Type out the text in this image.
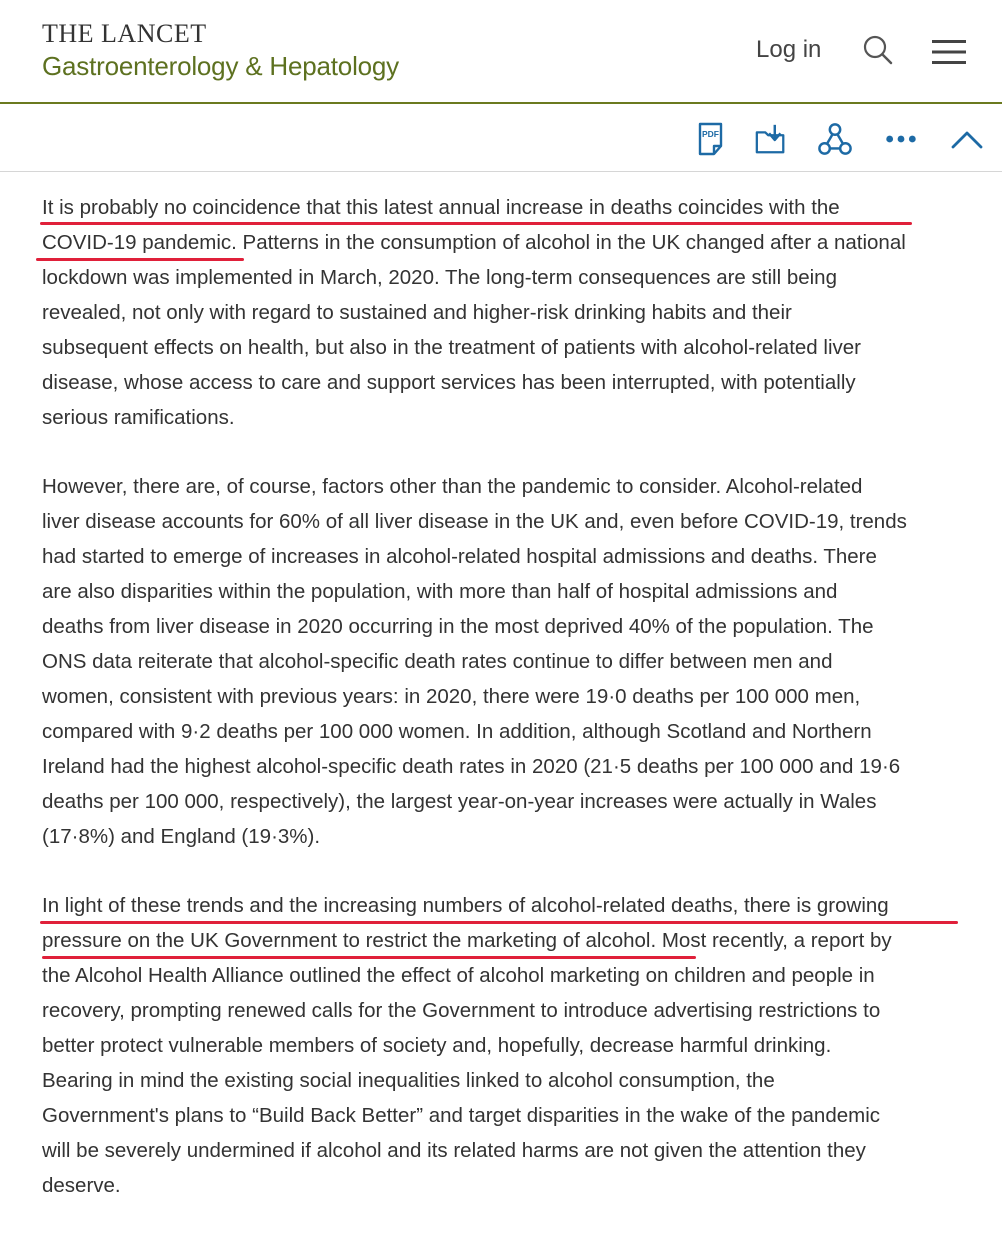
THE LANCET
Gastroenterology & Hepatology
Log in
PDF
It is probably no coincidence that this latest annual increase in deaths coincides with the
COVID-19 pandemic. Patterns in the consumption of alcohol in the UK changed after a national
lockdown was implemented in March, 2020. The long-term consequences are still being
revealed, not only with regard to sustained and higher-risk drinking habits and their
subsequent effects on health, but also in the treatment of patients with alcohol-related liver
disease, whose access to care and support services has been interrupted, with potentially
serious ramifications.
However, there are, of course, factors other than the pandemic to consider. Alcohol-related
liver disease accounts for 60% of all liver disease in the UK and, even before COVID-19, trends
had started to emerge of increases in alcohol-related hospital admissions and deaths. There
are also disparities within the population, with more than half of hospital admissions and
deaths from liver disease in 2020 occurring in the most deprived 40% of the population. The
ONS data reiterate that alcohol-specific death rates continue to differ between men and
women, consistent with previous years: in 2020, there were 19·0 deaths per 100 000 men,
compared with 9·2 deaths per 100 000 women. In addition, although Scotland and Northern
Ireland had the highest alcohol-specific death rates in 2020 (21·5 deaths per 100 000 and 19·6
deaths per 100 000, respectively), the largest year-on-year increases were actually in Wales
(17·8%) and England (19·3%).
In light of these trends and the increasing numbers of alcohol-related deaths, there is growing
pressure on the UK Government to restrict the marketing of alcohol. Most recently, a report by
the Alcohol Health Alliance outlined the effect of alcohol marketing on children and people in
recovery, prompting renewed calls for the Government to introduce advertising restrictions to
better protect vulnerable members of society and, hopefully, decrease harmful drinking.
Bearing in mind the existing social inequalities linked to alcohol consumption, the
Government's plans to “Build Back Better” and target disparities in the wake of the pandemic
will be severely undermined if alcohol and its related harms are not given the attention they
deserve.
